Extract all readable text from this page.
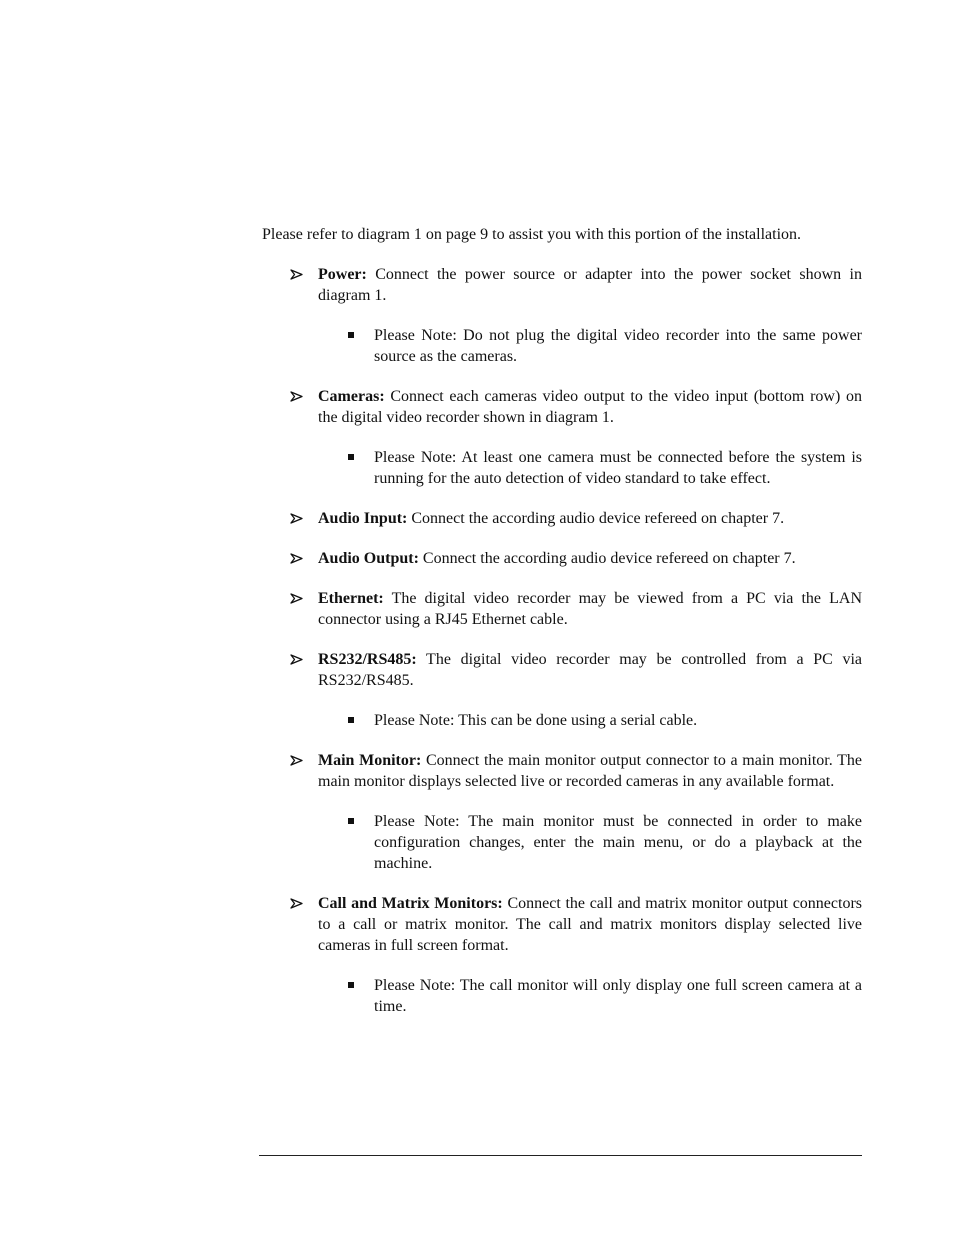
Please refer to diagram 1 on page 9 to assist you with this portion of the installation.
Power: Connect the power source or adapter into the power socket shown in diagram 1.
Please Note: Do not plug the digital video recorder into the same power source as the cameras.
Cameras: Connect each cameras video output to the video input (bottom row) on the digital video recorder shown in diagram 1.
Please Note: At least one camera must be connected before the system is running for the auto detection of video standard to take effect.
Audio Input: Connect the according audio device refereed on chapter 7.
Audio Output: Connect the according audio device refereed on chapter 7.
Ethernet: The digital video recorder may be viewed from a PC via the LAN connector using a RJ45 Ethernet cable.
RS232/RS485: The digital video recorder may be controlled from a PC via RS232/RS485.
Please Note: This can be done using a serial cable.
Main Monitor: Connect the main monitor output connector to a main monitor. The main monitor displays selected live or recorded cameras in any available format.
Please Note: The main monitor must be connected in order to make configuration changes, enter the main menu, or do a playback at the machine.
Call and Matrix Monitors: Connect the call and matrix monitor output connectors to a call or matrix monitor. The call and matrix monitors display selected live cameras in full screen format.
Please Note: The call monitor will only display one full screen camera at a time.
